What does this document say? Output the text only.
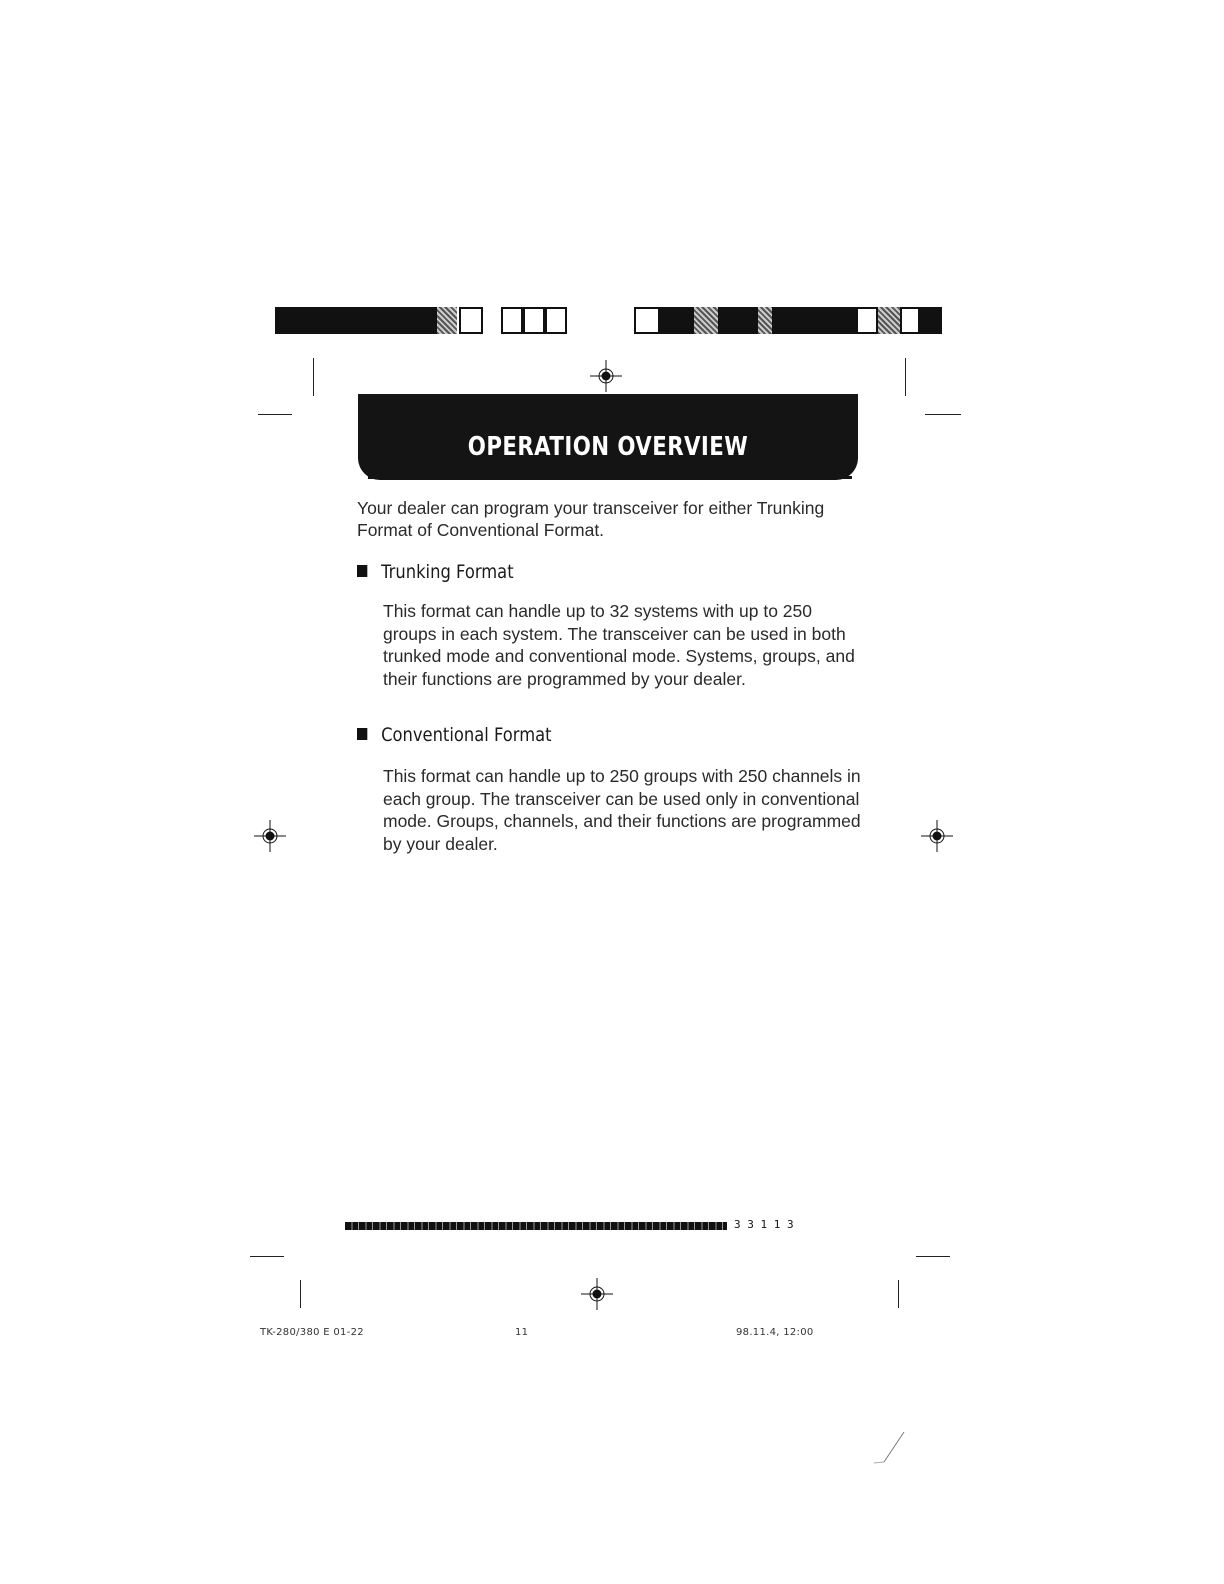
OPERATION OVERVIEW
Your dealer can program your transceiver for either Trunking Format of Conventional Format.
Trunking Format
This format can handle up to 32 systems with up to 250 groups in each system. The transceiver can be used in both trunked mode and conventional mode. Systems, groups, and their functions are programmed by your dealer.
Conventional Format
This format can handle up to 250 groups with 250 channels in each group. The transceiver can be used only in conventional mode. Groups, channels, and their functions are programmed by your dealer.
3 3 1 1 3
TK-280/380 E 01-22	11	98.11.4, 12:00
